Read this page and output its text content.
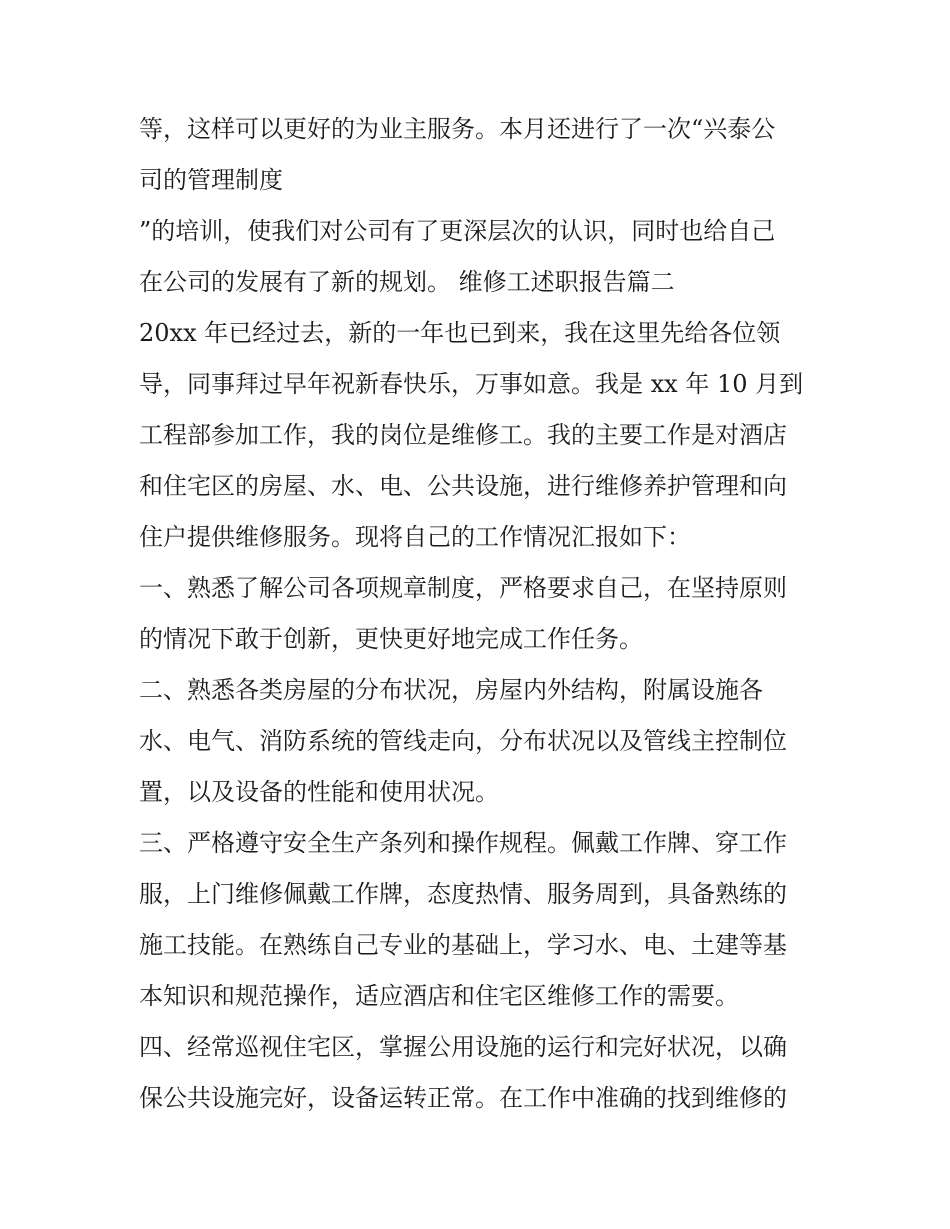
等，这样可以更好的为业主服务。本月还进行了一次“兴泰公
司的管理制度
”的培训，使我们对公司有了更深层次的认识，同时也给自己
在公司的发展有了新的规划。 维修工述职报告篇二
20xx 年已经过去，新的一年也已到来，我在这里先给各位领
导，同事拜过早年祝新春快乐，万事如意。我是 xx 年 10 月到
工程部参加工作，我的岗位是维修工。我的主要工作是对酒店
和住宅区的房屋、水、电、公共设施，进行维修养护管理和向
住户提供维修服务。现将自己的工作情况汇报如下：
一、熟悉了解公司各项规章制度，严格要求自己，在坚持原则
的情况下敢于创新，更快更好地完成工作任务。
二、熟悉各类房屋的分布状况，房屋内外结构，附属设施各
水、电气、消防系统的管线走向，分布状况以及管线主控制位
置，以及设备的性能和使用状况。
三、严格遵守安全生产条列和操作规程。佩戴工作牌、穿工作
服，上门维修佩戴工作牌，态度热情、服务周到，具备熟练的
施工技能。在熟练自己专业的基础上，学习水、电、土建等基
本知识和规范操作，适应酒店和住宅区维修工作的需要。
四、经常巡视住宅区，掌握公用设施的运行和完好状况，以确
保公共设施完好，设备运转正常。在工作中准确的找到维修的
